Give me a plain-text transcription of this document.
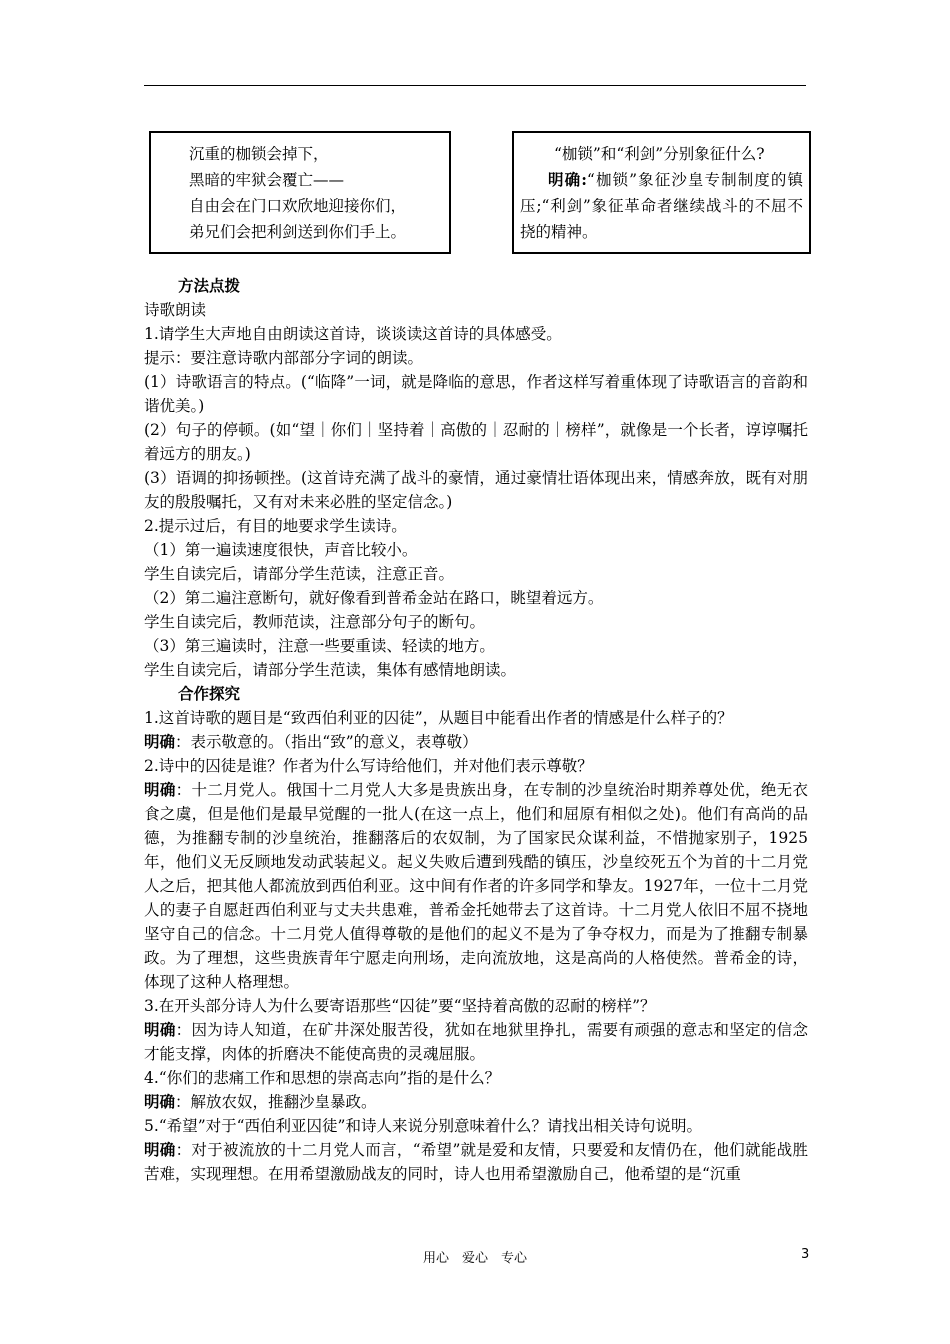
沉重的枷锁会掉下，
黑暗的牢狱会覆亡——
自由会在门口欢欣地迎接你们，
弟兄们会把利剑送到你们手上。
“枷锁”和“利剑”分别象征什么?
明确:“枷锁”象征沙皇专制制度的镇压;“利剑”象征革命者继续战斗的不屈不挠的精神。

方法点拨

诗歌朗读

1.请学生大声地自由朗读这首诗，谈谈读这首诗的具体感受。

提示：要注意诗歌内部部分字词的朗读。

(1）诗歌语言的特点。(“临降”一词，就是降临的意思，作者这样写着重体现了诗歌语言的音韵和谐优美。)

(2）句子的停顿。(如“望｜你们｜坚持着｜高傲的｜忍耐的｜榜样”，就像是一个长者，谆谆嘱托着远方的朋友。)

(3）语调的抑扬顿挫。(这首诗充满了战斗的豪情，通过豪情壮语体现出来，情感奔放，既有对朋友的殷殷嘱托，又有对未来必胜的坚定信念。)

2.提示过后，有目的地要求学生读诗。

（1）第一遍读速度很快，声音比较小。

学生自读完后，请部分学生范读，注意正音。

（2）第二遍注意断句，就好像看到普希金站在路口，眺望着远方。

学生自读完后，教师范读，注意部分句子的断句。

（3）第三遍读时，注意一些要重读、轻读的地方。

学生自读完后，请部分学生范读，集体有感情地朗读。

合作探究

1.这首诗歌的题目是“致西伯利亚的囚徒”，从题目中能看出作者的情感是什么样子的？

明确：表示敬意的。（指出“致”的意义，表尊敬）

2.诗中的囚徒是谁？作者为什么写诗给他们，并对他们表示尊敬？

明确：十二月党人。俄国十二月党人大多是贵族出身，在专制的沙皇统治时期养尊处优，绝无衣食之虞，但是他们是最早觉醒的一批人(在这一点上，他们和屈原有相似之处)。他们有高尚的品德，为推翻专制的沙皇统治，推翻落后的农奴制，为了国家民众谋利益，不惜抛家别子，1925年，他们义无反顾地发动武装起义。起义失败后遭到残酷的镇压，沙皇绞死五个为首的十二月党人之后，把其他人都流放到西伯利亚。这中间有作者的许多同学和挚友。1927年，一位十二月党人的妻子自愿赶西伯利亚与丈夫共患难，普希金托她带去了这首诗。十二月党人依旧不屈不挠地坚守自己的信念。十二月党人值得尊敬的是他们的起义不是为了争夺权力，而是为了推翻专制暴政。为了理想，这些贵族青年宁愿走向刑场，走向流放地，这是高尚的人格使然。普希金的诗，体现了这种人格理想。

3.在开头部分诗人为什么要寄语那些“囚徒”要“坚持着高傲的忍耐的榜样”？

明确：因为诗人知道，在矿井深处服苦役，犹如在地狱里挣扎，需要有顽强的意志和坚定的信念才能支撑，肉体的折磨决不能使高贵的灵魂屈服。

4.“你们的悲痛工作和思想的崇高志向”指的是什么？

明确：解放农奴，推翻沙皇暴政。

5.“希望”对于“西伯利亚囚徒”和诗人来说分别意味着什么？请找出相关诗句说明。

明确：对于被流放的十二月党人而言，“希望”就是爱和友情，只要爱和友情仍在，他们就能战胜苦难，实现理想。在用希望激励战友的同时，诗人也用希望激励自己，他希望的是“沉重

用心　爱心　专心	3
